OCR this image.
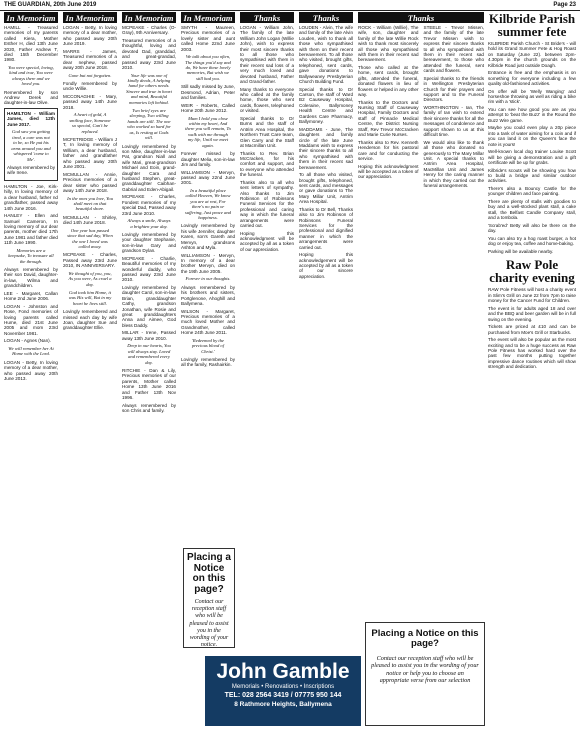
THE GUARDIAN, 20th June 2019	Page 23
In Memoriam	In Memoriam	In Memoriam	In Memoriam	Thanks	Thanks	Thanks

HAMILL - Treasured memories of my parents called Kiera, Mother Esther H, died 13th June 2020, Father Andrew T, died 15th December 1980.

You were special, loving, kind and true, You were always there and we loved you.

Remembered by son Andrew Derek and daughter-in-law Olive.

HAMILTON - William James, died 12th June 2017.

God saw you getting tired, a cure was not to be, so He put his arms around you and whispered 'come to Me'.

Always remembered by wife Irene.

HAMILTON - Joe, Kirk-hilly, In loving memory of a dear husband, father nd grandfather, passed away 14th June 2016.

HANLEY - Ellen and Samuel Cameron, In loving memory of our dear parents, mother died 17th June 1981 and father died 11th June 1990.

Memories are a keepsake, To treasure all the through.

Always remembered by their son David, daughter-in-law, Wilma and grandchildren.

LEE - Margaret, Callan Home 2nd June 2006.

LOGAN - Johnston and Rose, Fond memories of loving parents called Hume, died 21st June 2005 and mom 23rd November 1981.

LOGAN - Agnes (Nan).

We will remember her At Home with the Lord.

LOGAN - Betty, In loving memory of a dear mother, who passed away 20th June 2013.

LOGAN - Betty, In loving memory of a dear mother, who passed away 20th June 2019.

MARRS - James, Treasured memories of a dear nephew, passed away 20th June 2018.

Gone but not forgotten.

Fondly remembered by uncle Willie.

MCCONAGHIE - Mary, passed away 14th June 2018.

A heart of gold, A smiling face, Someone so special, Can't be replaced.

MCFETRIDGE - William J T, In loving memory of William, a dear husband, father and grandfather who passed away 20th June 2001.

MCMULLAN - Annie, Precious memories of a dear sister who passed away 14th June 2018.

In the ones you love, You shall meet on that beautiful shore.

MCMULLAN - Shirley, died 14th June 2018.

One year has passed since that sad day, When the one I loved was called away.

MCPEAKE - Charles, Passed away 23rd June 2010, IN ANNIVERSARY.

We thought of you, you, As you were, As cruel a day.

God took him Home, it was His will, But in my heart he lives still.

Lovingly remembered and missed each day by wife Joan, daughter Sue and granddaughter Ellie.

MCPEAKE - Charles (O-Gray), 9th Anniversary.

Treasured memories of a thoughtful, loving and devoted Dad, granddad, and great-grandad, passed away 23rd June 2010.

Your life was one of kindly deeds, A helping hand for others needs. Sincere and true in heart and mind, Beautiful memories left behind.

Two brief eyes are sleeping, Two willing hands are still. The one who worked so hard for us, Is resting at Gods will.

Lovingly remembered by son Mike, daughter-in-law Pat, grandson Niall and wife Mari, great-grandson Michael and Eoin, grand-daughter Cara and husband Stephen, great-granddaughter Caibhan-Gabrial and Eden-Abigail.

MCPEAKE - Charles, Fondest memories of my special Dad, Passed away 23rd June 2010.

Always a smile, Always a brighten your day.

Lovingly remembered by your daughter Stephanie, son-in-law Gary and grandson Dylan.

MCPEAKE - Charlie, Beautiful memories of my wonderful daddy, who passed away 23rd June 2010.

Lovingly remembered by daughter Carol, son-in-law Brian, granddaughter Cathy, grandson Jonathan, wife Rosie and great granddaughters Anna and Aimee, God bless Daddy.

MILLAR - Irene, Passed away 13th June 2010.

Deep in our hearts, You will always stay. Loved and remembered every day.

RITCHIE - Dan & Lily, Precious memories of our parents, Mother called Home 13th June 2016 and Father 13th Nov 1996.

Always remembered by son Chris and family.

SMYTH - Maureen, Precious memories of a lovely sister and aunt called Home 22nd June 2003.

We talk about you often, The things you'd say and do, We have these lovely memories, But wish we still had you.

Still sadly missed by June, Desmond, Adrian, Peter and families.

WEIR - Roberts, Called Home 20th June 2012.

Mum I hold you close within my heart, And there you will remain, To walk with me through my life, Until we meet again.

Forever missed by daughter Melia, son-in-law Jim and family.

WILLIAMSON - Mervyn, passed away 22nd June 2001.

In a beautiful place called Heaven, We know you are at rest, For there's no pain or suffering, Just peace and happiness.

Lovingly remembered by his wife Jennifer, daughter Karen, son's Gareth and Mervyn, grandsons Ashton and Myla.

WILLIAMSON - Mervyn, In memory of a dear brother Mervyn, died on the 19th June 2005.

Forever in our thoughts.

Always remembered by his brothers and sisters, Portglenone, Ahoghill and Ballymena.

WILSON - Margaret, Precious memories of a much loved Mother and Grandmother, called Home 24th June 2011.

'Redeemed by the precious blood of Christ.'

Lovingly remembered by all the family, Rashairkin.

Placing a Notice on this page?
Contact our reception staff who will be pleased to assist you in the wording of your notice.

LOGAN - William John, The family of the late William John Logan (Willie John), wish to express their most sincere thanks to all those who sympathised with them in their recent sad loss of a very much loved and devoted husband, Father and Grand-father.

Many thanks to everyone who called at the family home, those who sent cards, flowers, telephoned or visited.

Special thanks to Dr Burns and the staff of Antrim Area Hospital, the Northern Trust Care team, Glen Carry and the Staff at Macmillan Unit.

Thanks to Rev. Brian McCracken, for his comfort and support, and to everyone who attended the funeral.

Thanks also to all who sent letters of sympathy. Also thanks to Jim Robinson of Robinsons Funeral Services for the professional and caring way in which the funeral arrangements were carried out.

Hoping this acknowledgment will be accepted by all as a token of our appreciation.

LOUDEN - Alvin, The wife and family of the late Alvin Louden, wish to thank all those who sympathised with them on their recent bereavement. To all those who visited, brought gifts, telephoned, sent cards, gave donations to Ballyweaney Presbyterian Church Building Fund.

Special thanks to Dr Carson, the staff of Ward B2 Causeway Hospital, Coleraine, Ballymoney Health Centre and Gardens Care Pharmacy, Ballymoney.

MADDAMS - June, The daughters and family circle of the late June Maddams wish to express their sincere thanks to all who sympathised with them in their recent sad bereavement.

To all those who visited, brought gifts, telephoned, sent cards, and messages or gave donations to The Mary Millar Unit, Antrim Area Hospital.

Thanks to Dr Bell, Thanks also to Jim Robinson of Robinsons Funeral Services for the professional and dignified manner in which the arrangements were carried out.

Hoping this acknowledgement will be accepted by all as a token of our sincere appreciation.

ROCK - William (Willie), The wife, son, daughter and family of the late Willie Rock wish to thank most sincerely all those who sympathised with them in their recent sad bereavement.

Those who called at the home, sent cards, brought gifts, attended the funeral, donated flowers in lieu of flowers or helped in any other way.

Thanks to the Doctors and Nursing Staff of Causeway Hospital, Family Doctors and staff of Pinnacle Medical Centre, the District Nursing Staff, Rev Trevor McCracken and Marie Curie Nurses.

Thanks also to Rev. Kenneth Henderson for his pastoral care and for conducting the service.

Hoping this acknowledgment will be accepted as a token of our appreciation.

STEELE - Trevor Missen, and the family of the late Trevor Missen wish to express their sincere thanks to all who sympathised with them in their recent sad bereavement, to those who attended the funeral, sent cards and flowers.

Special thanks to the friends in Wellington Presbyterian Church for their prayers and support and to the Funeral Directors.

WORTHINGTON - Ian, The family of Ian wish to extend their sincere thanks for all the messages of condolence and support shown to us at this difficult time.

We would also like to thank all those who donated so generously to The Mary Millar Unit. A special thanks to Antrim Area Hospital, MacMillan Unit and James Henry for the caring manner in which they carried out the funeral arrangements.

Placing a Notice on this page?
Contact our reception staff who will be pleased to assist you in the wording of your notice or help you to choose an appropriate verse from our selection
John Gamble
Memorials • Renovations • Inscriptions
TEL: 028 2564 3419 / 07775 950 144
8 Rathmore Heights, Ballymena
Kilbride Parish summer fete

KILBRIDE Parish Church - St Bride's - will hold its Grand Summer Fete & Hog Roast on Saturday (June 22). between 2pm-4.30pm in the church grounds on the Kilbride Road just outside Doagh.

Entrance is free and the emphasis is on something for everyone including a few quality old-fashioned activities.

On offer will be 'Welly Wanging' and horseshoe throwing as well as riding a bike rim with a 'stick'.

You can see how good you are as you attempt to 'beat the Buzz' in the Round the Buzz Wire game.

Maybe you could even play a 20p piece into a tank of water aiming for a coin and if you can land it on the Queen's face the note is yours!

Well-known local dog trainer Louise Scott will be giving a demonstration and a gift certificate will be up for grabs.

Kilbride's scouts will be showing you how to build a bridge and similar outdoor activities.

There's also a Bouncy Castle for the younger children and face painting.

There are plenty of stalls with goodies to buy and a well-stocked plant stall, a cake stall, the Belfast Candle Company stall, and a tombola.

'Scrab'ed' Betty will also be there on the day.

You can also try a hog roast burger, a hot dog or enjoy tea, coffee and home-baking.

Parking will be available nearby.

Raw Pole charity evening

RAW Pole Fitness will host a charity event in Slim's Grill on June 22 from 7pm to raise money for the Cancer Fund for Children.

The event is for adults aged 18 and over and the BBQ and beer garden will be in full swing on the evening.

Tickets are priced at £10 and can be purchased from Moe's Grill or Starbucks.

The event will also be popular as the most exciting and to be a huge success as Raw Pole Fitness has worked hard over the past few months putting together impressive dance routines which will show strength and dedication.
